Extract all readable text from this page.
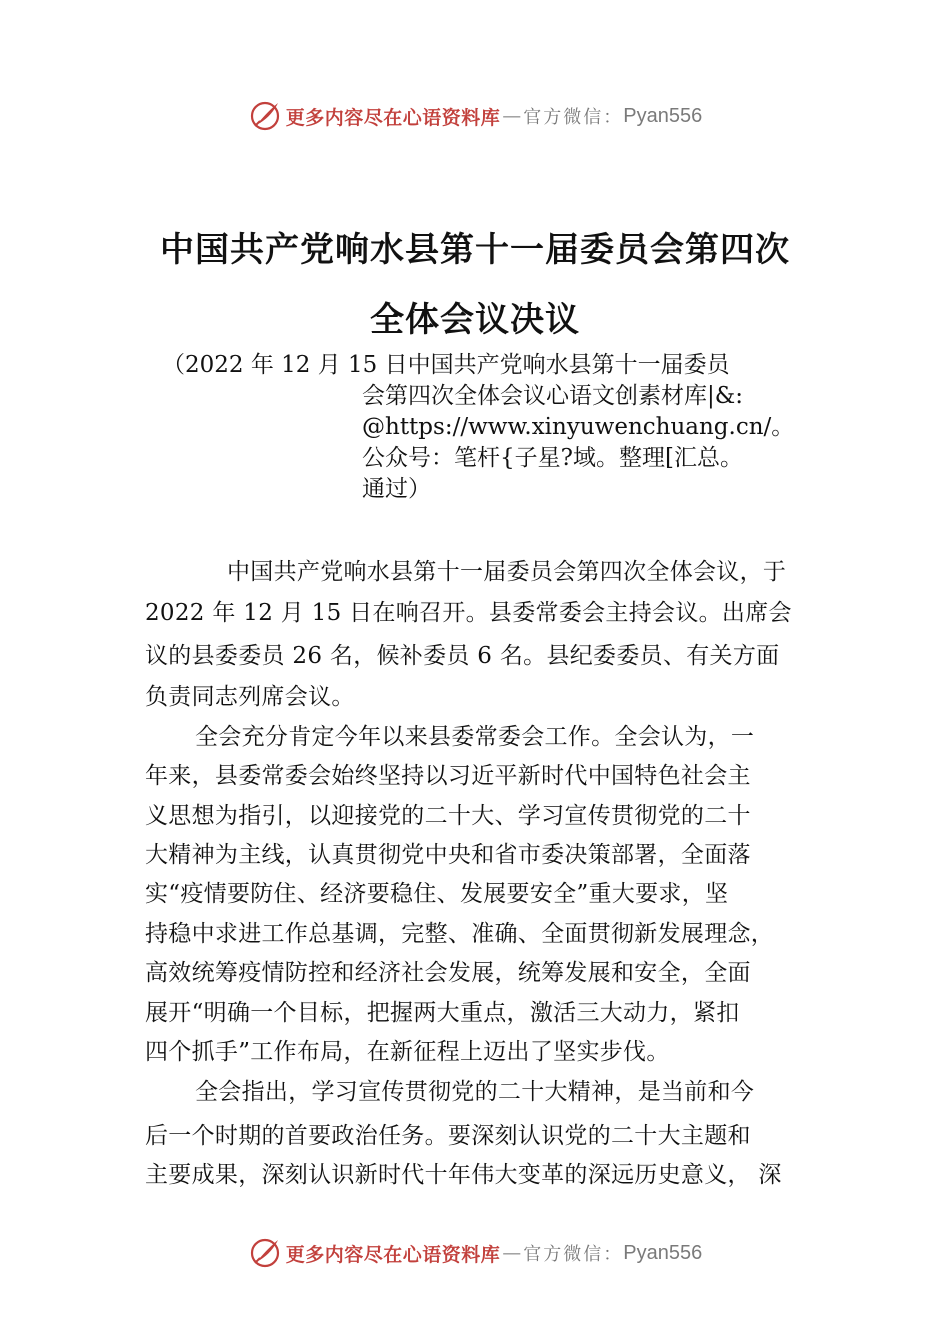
更多内容尽在心语资料库 — 官方微信： Pyan556
中国共产党响水县第十一届委员会第四次
全体会议决议
（2022 年 12 月 15 日中国共产党响水县第十一届委员
会第四次全体会议心语文创素材库|&:
@https://www.xinyuwenchuang.cn/。
公众号：笔杆{子星?域。整理[汇总。
通过）
中国共产党响水县第十一届委员会第四次全体会议，于
2022 年 12 月 15 日在响召开。县委常委会主持会议。出席会
议的县委委员 26 名，候补委员 6 名。县纪委委员、有关方面
负责同志列席会议。
全会充分肯定今年以来县委常委会工作。全会认为，一
年来，县委常委会始终坚持以习近平新时代中国特色社会主
义思想为指引，以迎接党的二十大、学习宣传贯彻党的二十
大精神为主线，认真贯彻党中央和省市委决策部署，全面落
实“疫情要防住、经济要稳住、发展要安全”重大要求，坚
持稳中求进工作总基调，完整、准确、全面贯彻新发展理念，
高效统筹疫情防控和经济社会发展，统筹发展和安全，全面
展开“明确一个目标，把握两大重点，激活三大动力，紧扣
四个抓手”工作布局，在新征程上迈出了坚实步伐。
全会指出，学习宣传贯彻党的二十大精神，是当前和今
后一个时期的首要政治任务。要深刻认识党的二十大主题和
主要成果，深刻认识新时代十年伟大变革的深远历史意义， 深
更多内容尽在心语资料库 — 官方微信： Pyan556
